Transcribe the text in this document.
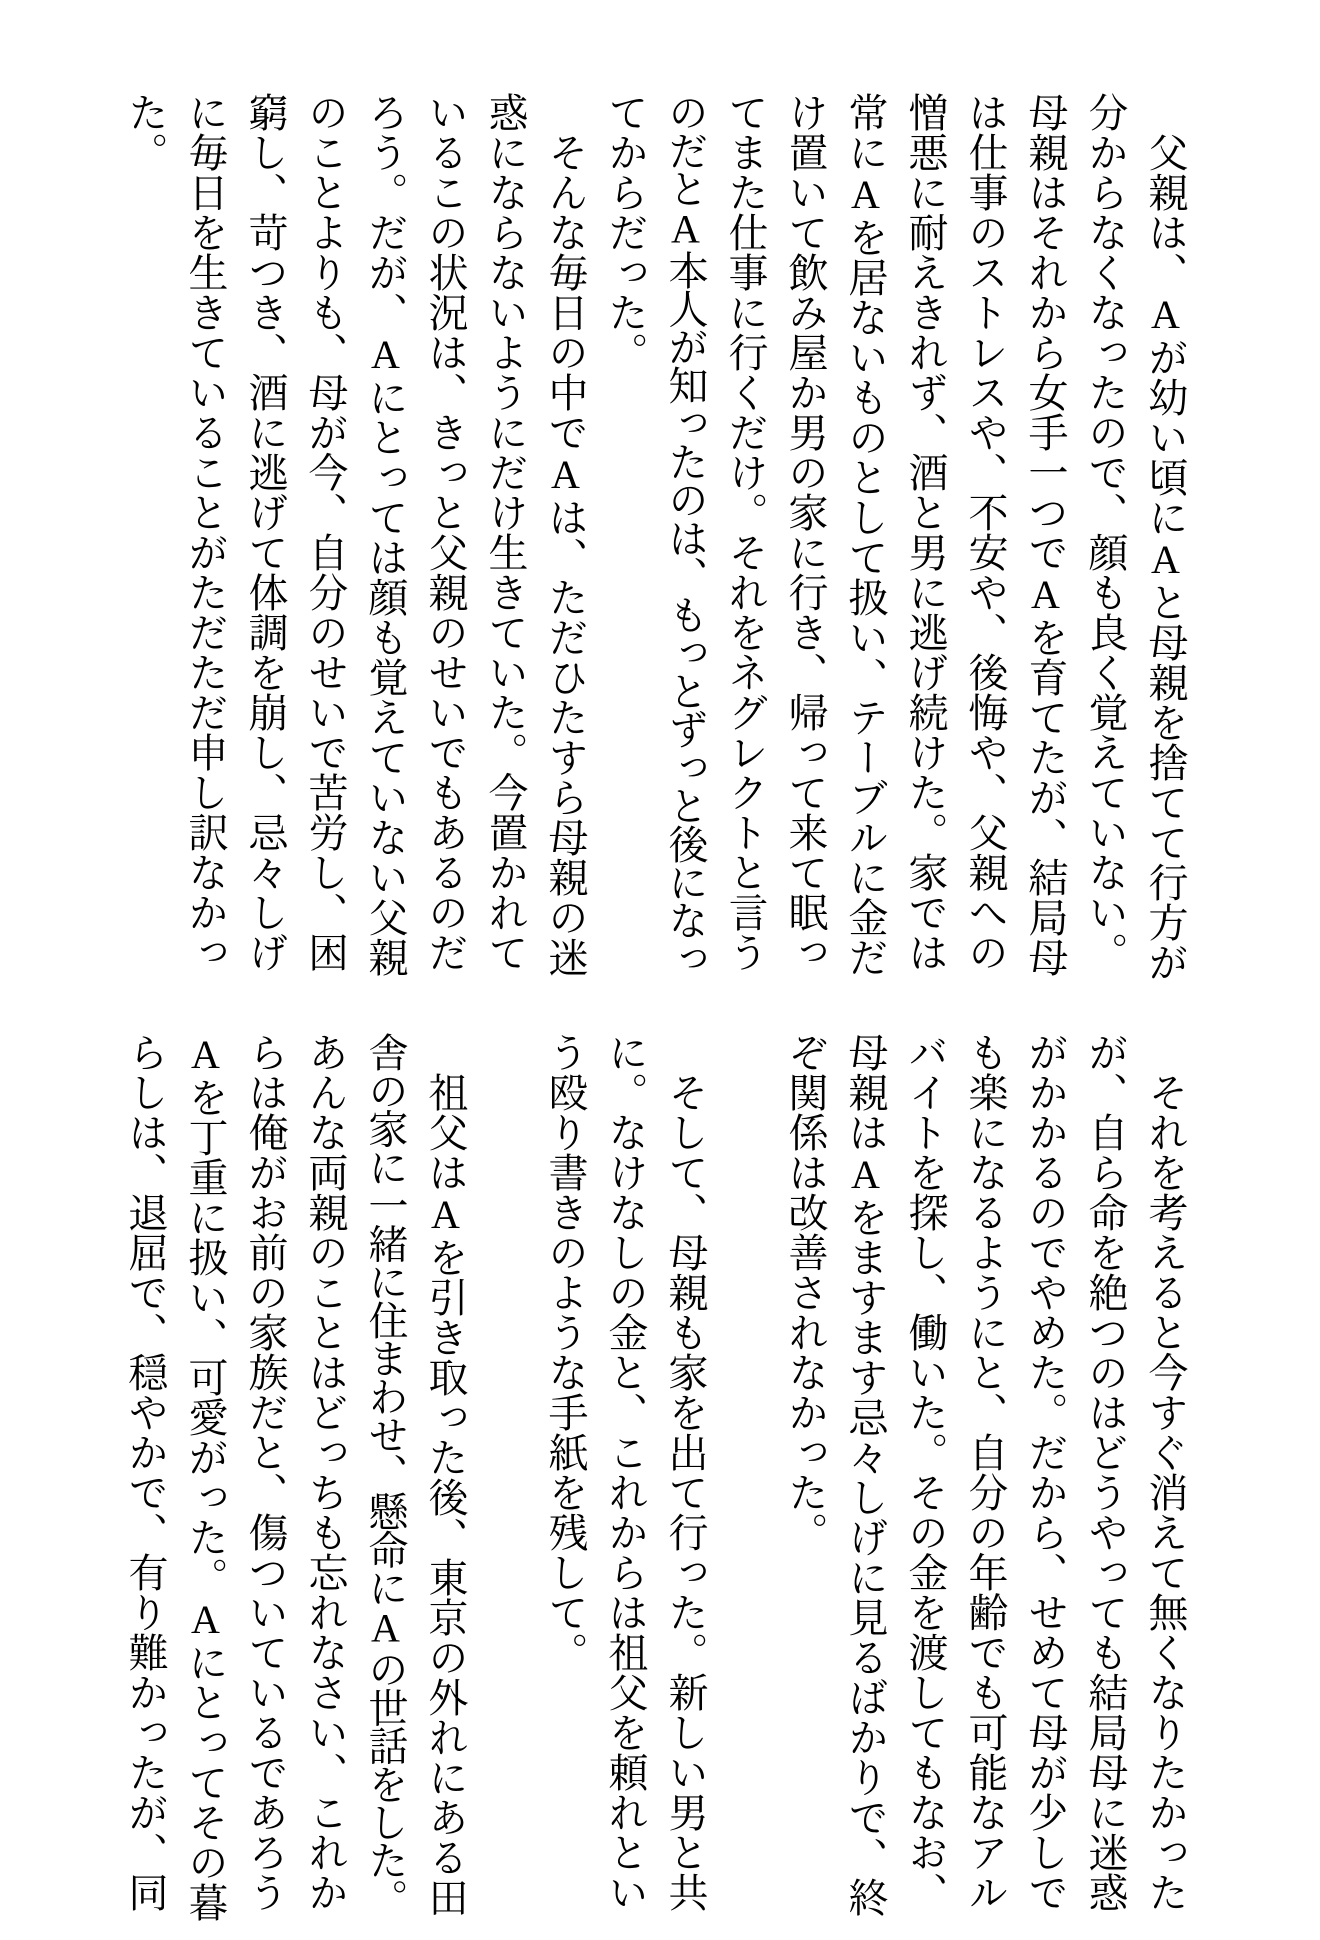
　父親は、Aが幼い頃にAと母親を捨てて行方が

分からなくなったので、顔も良く覚えていない。

母親はそれから女手一つでAを育てたが、結局母

は仕事のストレスや、不安や、後悔や、父親への

憎悪に耐えきれず、酒と男に逃げ続けた。家では

常にAを居ないものとして扱い、テーブルに金だ

け置いて飲み屋か男の家に行き、帰って来て眠っ

てまた仕事に行くだけ。それをネグレクトと言う

のだとA本人が知ったのは、もっとずっと後になっ

てからだった。

　そんな毎日の中でAは、ただひたすら母親の迷

惑にならないようにだけ生きていた。今置かれて

いるこの状況は、きっと父親のせいでもあるのだ

ろう。だが、Aにとっては顔も覚えていない父親

のことよりも、母が今、自分のせいで苦労し、困

窮し、苛つき、酒に逃げて体調を崩し、忌々しげ

に毎日を生きていることがただただ申し訳なかっ

た。

　それを考えると今すぐ消えて無くなりたかった

が、自ら命を絶つのはどうやっても結局母に迷惑

がかかるのでやめた。だから、せめて母が少しで

も楽になるようにと、自分の年齢でも可能なアル

バイトを探し、働いた。その金を渡してもなお、

母親はAをますます忌々しげに見るばかりで、終

ぞ関係は改善されなかった。

　そして、母親も家を出て行った。新しい男と共

に。なけなしの金と、これからは祖父を頼れとい

う殴り書きのような手紙を残して。

　祖父はAを引き取った後、東京の外れにある田

舎の家に一緒に住まわせ、懸命にAの世話をした。

あんな両親のことはどっちも忘れなさい、これか

らは俺がお前の家族だと、傷ついているであろう

Aを丁重に扱い、可愛がった。Aにとってその暮

らしは、退屈で、穏やかで、有り難かったが、同
